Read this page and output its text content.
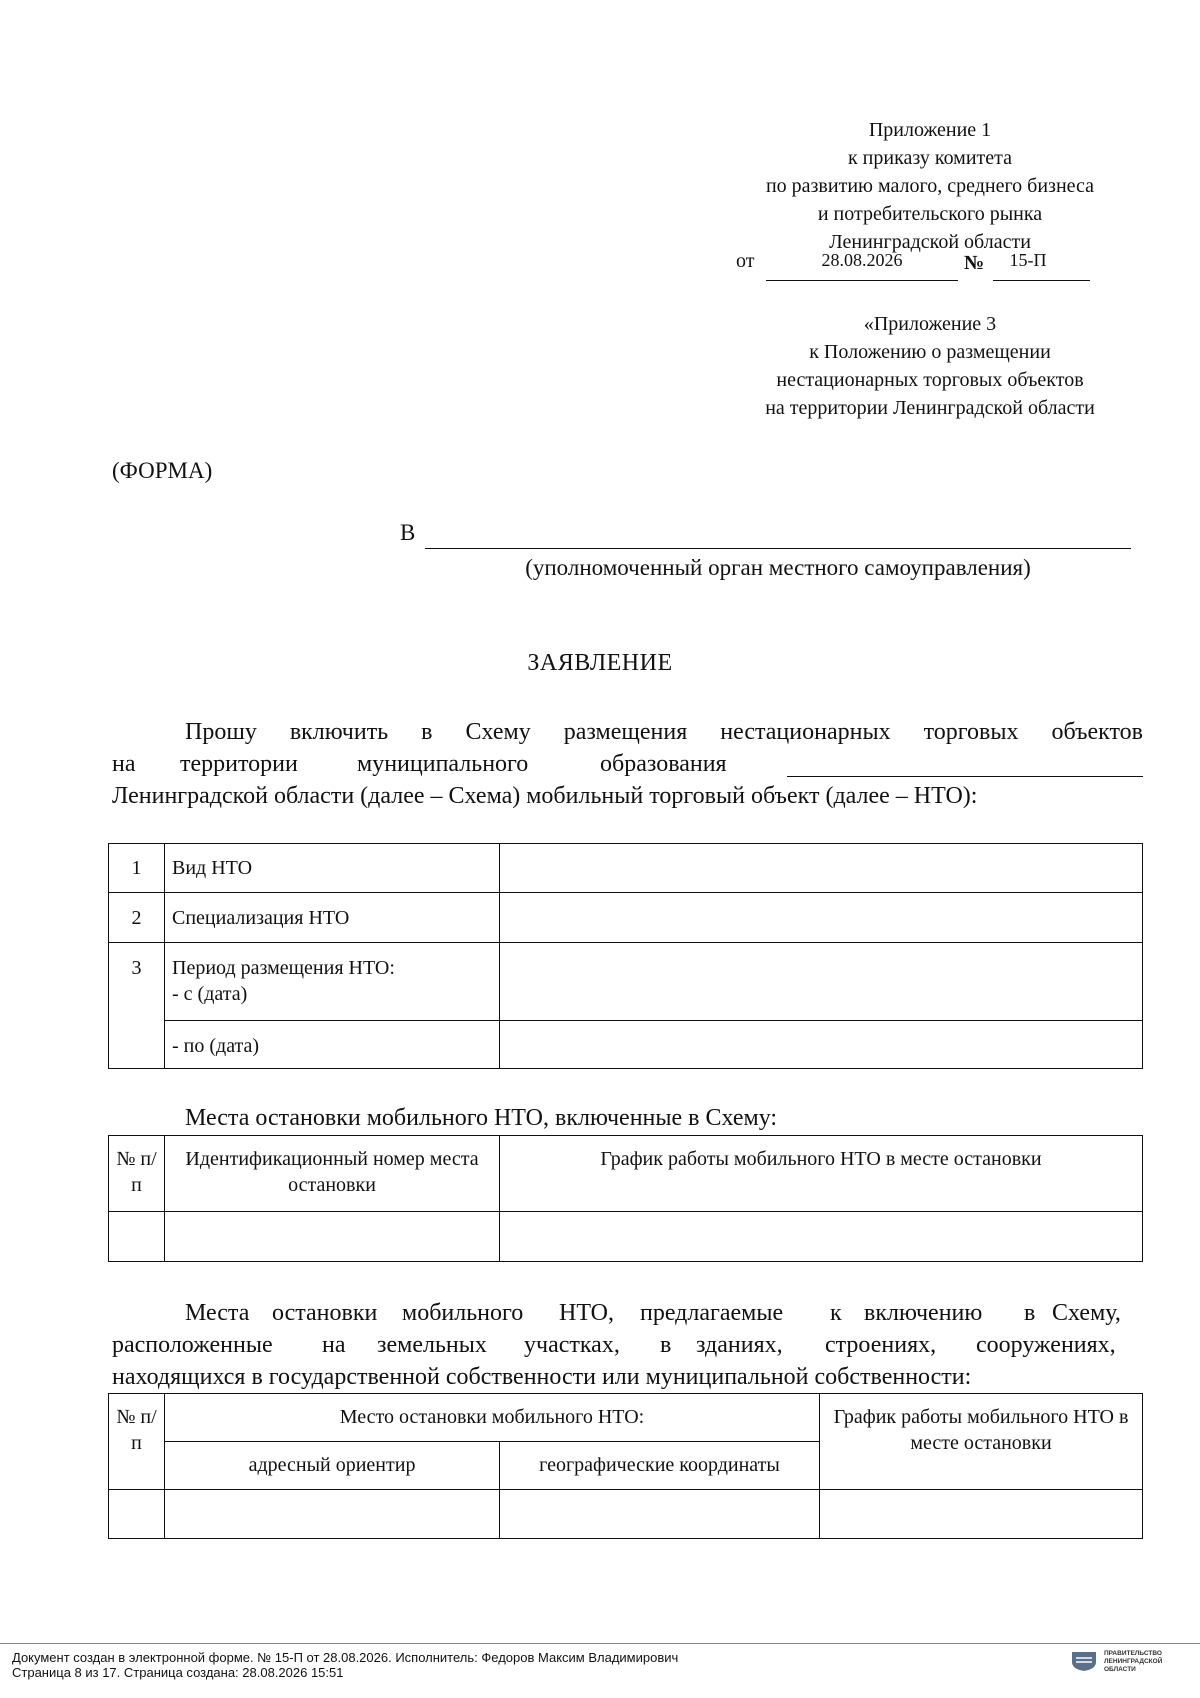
Приложение 1
к приказу комитета
по развитию малого, среднего бизнеса
и потребительского рынка
Ленинградской области
от	28.08.2026	№	15-П
«Приложение 3
к Положению о размещении
нестационарных торговых объектов
на территории Ленинградской области
(ФОРМА)
В
(уполномоченный орган местного самоуправления)
ЗАЯВЛЕНИЕ
Прошу включить в Схему размещения нестационарных торговых объектов
на территории муниципального	образования
Ленинградской области (далее – Схема) мобильный торговый объект (далее – НТО):
1	Вид НТО	
2	Специализация НТО	
3	Период размещения НТО:
- с (дата)	

	- по (дата)	
Места остановки мобильного НТО, включенные в Схему:
№ п/п	Идентификационный номер места остановки	График работы мобильного НТО в месте остановки

Места остановки мобильного НТО, предлагаемые к включению в Схему,
расположенные на земельных участках, в зданиях, строениях, сооружениях,
находящихся в государственной собственности или муниципальной собственности:
№ п/п	Место остановки мобильного НТО:		График работы мобильного НТО в месте остановки
	адресный ориентир	географические координаты	

Документ создан в электронной форме. № 15-П от 28.08.2026. Исполнитель: Федоров Максим Владимирович
Страница 8 из 17. Страница создана: 28.08.2026 15:51
ПРАВИТЕЛЬСТВО ЛЕНИНГРАДСКОЙ ОБЛАСТИ
